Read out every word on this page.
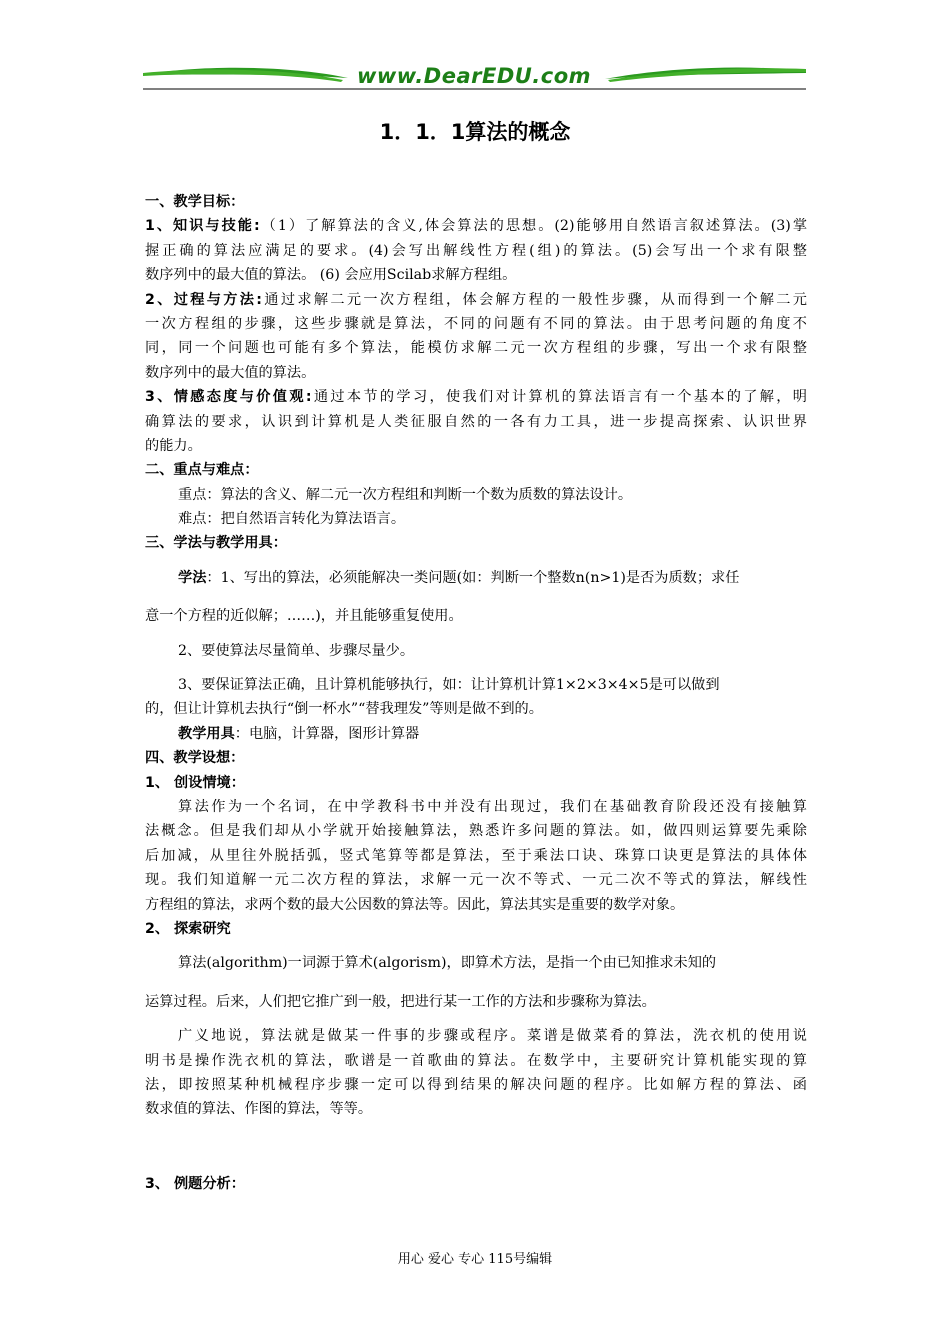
www.DearEDU.com
1．1．1算法的概念
一、教学目标：
1、知识与技能:（1）了解算法的含义,体会算法的思想。(2)能够用自然语言叙述算法。(3)掌
握正确的算法应满足的要求。(4)会写出解线性方程(组)的算法。(5)会写出一个求有限整
数序列中的最大值的算法。 (6) 会应用Scilab求解方程组。
2、过程与方法:通过求解二元一次方程组，体会解方程的一般性步骤，从而得到一个解二元
一次方程组的步骤，这些步骤就是算法，不同的问题有不同的算法。由于思考问题的角度不
同，同一个问题也可能有多个算法，能模仿求解二元一次方程组的步骤，写出一个求有限整
数序列中的最大值的算法。
3、情感态度与价值观:通过本节的学习，使我们对计算机的算法语言有一个基本的了解，明
确算法的要求，认识到计算机是人类征服自然的一各有力工具，进一步提高探索、认识世界
的能力。
二、重点与难点：
重点：算法的含义、解二元一次方程组和判断一个数为质数的算法设计。
难点：把自然语言转化为算法语言。
三、学法与教学用具：
学法：1、写出的算法，必须能解决一类问题(如：判断一个整数n(n>1)是否为质数；求任
意一个方程的近似解；……)，并且能够重复使用。
2、要使算法尽量简单、步骤尽量少。
3、要保证算法正确，且计算机能够执行，如：让计算机计算1×2×3×4×5是可以做到
的，但让计算机去执行“倒一杯水”“替我理发”等则是做不到的。
教学用具：电脑，计算器，图形计算器
四、教学设想：
1、 创设情境：
算法作为一个名词，在中学教科书中并没有出现过，我们在基础教育阶段还没有接触算
法概念。但是我们却从小学就开始接触算法，熟悉许多问题的算法。如，做四则运算要先乘除
后加减，从里往外脱括弧，竖式笔算等都是算法，至于乘法口诀、珠算口诀更是算法的具体体
现。我们知道解一元二次方程的算法，求解一元一次不等式、一元二次不等式的算法，解线性
方程组的算法，求两个数的最大公因数的算法等。因此，算法其实是重要的数学对象。
2、 探索研究
算法(algorithm)一词源于算术(algorism)，即算术方法，是指一个由已知推求未知的
运算过程。后来，人们把它推广到一般，把进行某一工作的方法和步骤称为算法。
广义地说，算法就是做某一件事的步骤或程序。菜谱是做菜肴的算法，洗衣机的使用说
明书是操作洗衣机的算法，歌谱是一首歌曲的算法。在数学中，主要研究计算机能实现的算
法，即按照某种机械程序步骤一定可以得到结果的解决问题的程序。比如解方程的算法、函
数求值的算法、作图的算法，等等。
3、 例题分析：
用心 爱心 专心 115号编辑
